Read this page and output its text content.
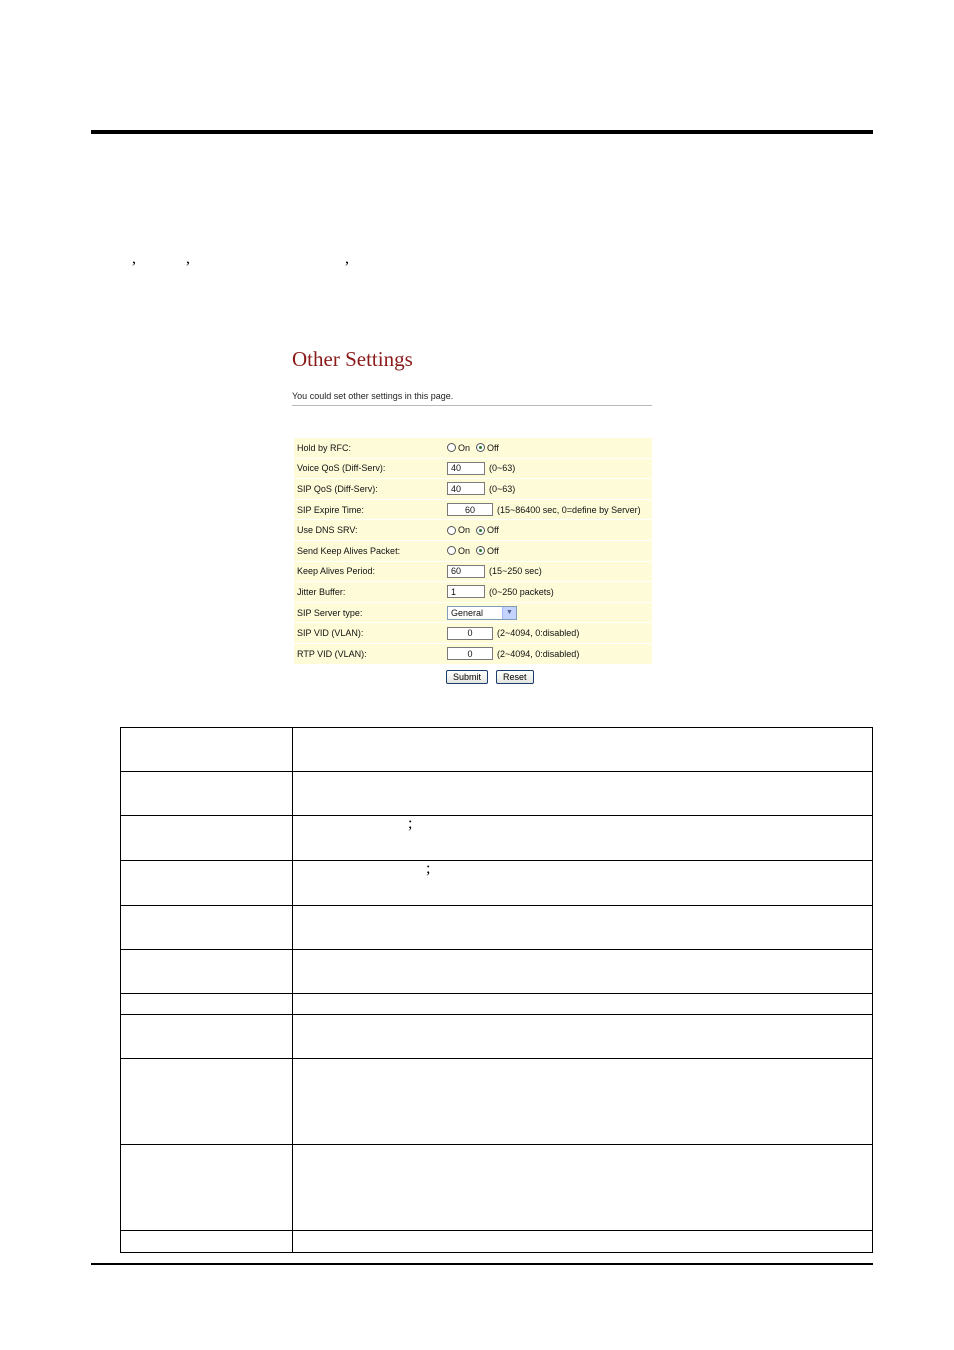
,	,	,
Other Settings
You could set other settings in this page.
Hold by RFC:	On Off
Voice QoS (Diff-Serv):	40	(0~63)
SIP QoS (Diff-Serv):	40	(0~63)
SIP Expire Time:	60	(15~86400 sec, 0=define by Server)
Use DNS SRV:	On Off
Send Keep Alives Packet:	On Off
Keep Alives Period:	60	(15~250 sec)
Jitter Buffer:	1	(0~250 packets)
SIP Server type:	General	▼
SIP VID (VLAN):	0	(2~4094, 0:disabled)
RTP VID (VLAN):	0	(2~4094, 0:disabled)
Submit	Reset

;
;
